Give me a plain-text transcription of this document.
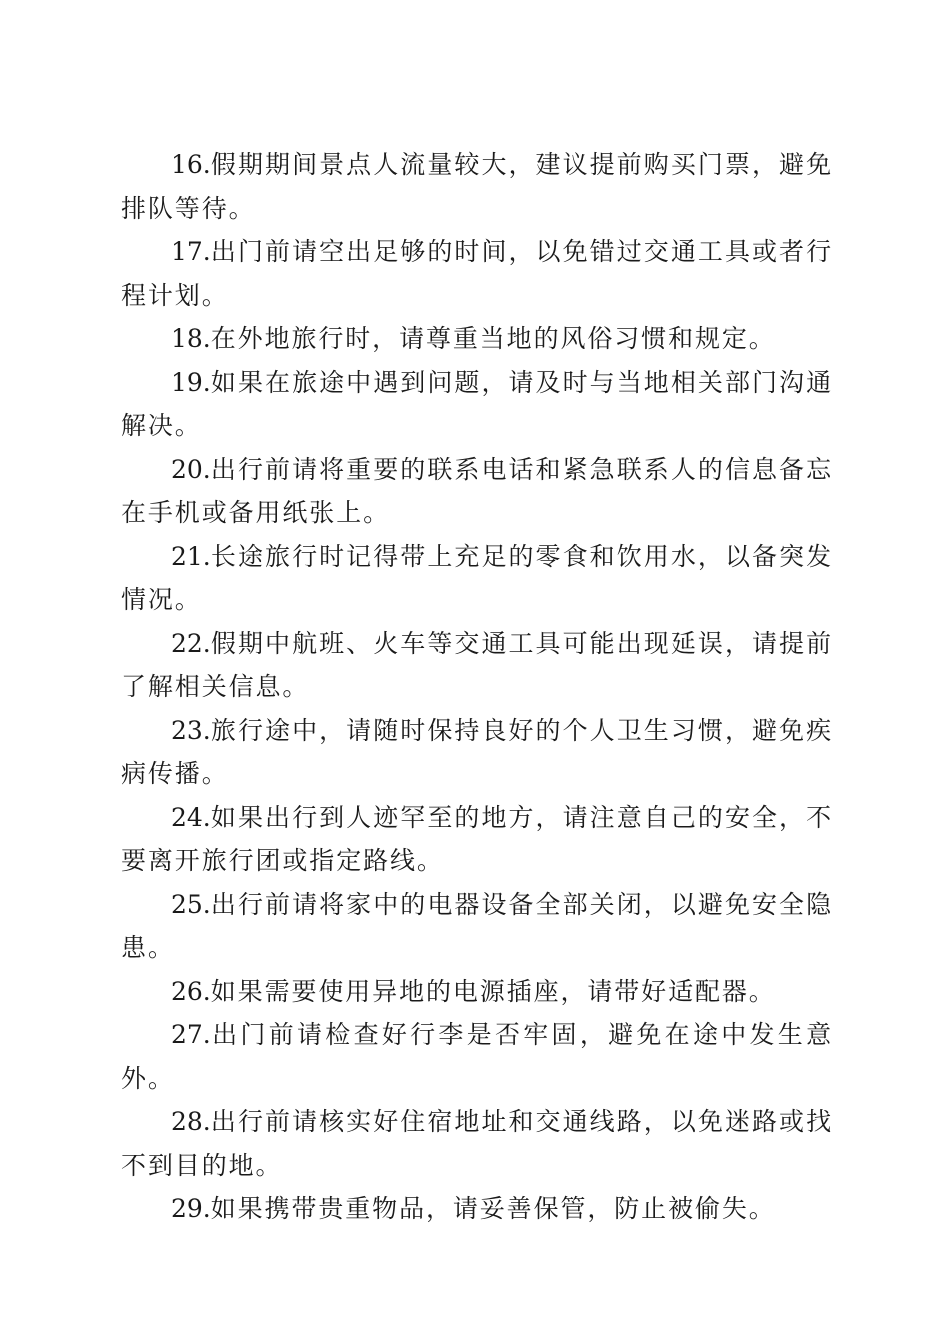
16.假期期间景点人流量较大，建议提前购买门票，避免排队等待。

17.出门前请空出足够的时间，以免错过交通工具或者行程计划。

18.在外地旅行时，请尊重当地的风俗习惯和规定。

19.如果在旅途中遇到问题，请及时与当地相关部门沟通解决。

20.出行前请将重要的联系电话和紧急联系人的信息备忘在手机或备用纸张上。

21.长途旅行时记得带上充足的零食和饮用水，以备突发情况。

22.假期中航班、火车等交通工具可能出现延误，请提前了解相关信息。

23.旅行途中，请随时保持良好的个人卫生习惯，避免疾病传播。

24.如果出行到人迹罕至的地方，请注意自己的安全，不要离开旅行团或指定路线。

25.出行前请将家中的电器设备全部关闭，以避免安全隐患。

26.如果需要使用异地的电源插座，请带好适配器。

27.出门前请检查好行李是否牢固，避免在途中发生意外。

28.出行前请核实好住宿地址和交通线路，以免迷路或找不到目的地。

29.如果携带贵重物品，请妥善保管，防止被偷失。
